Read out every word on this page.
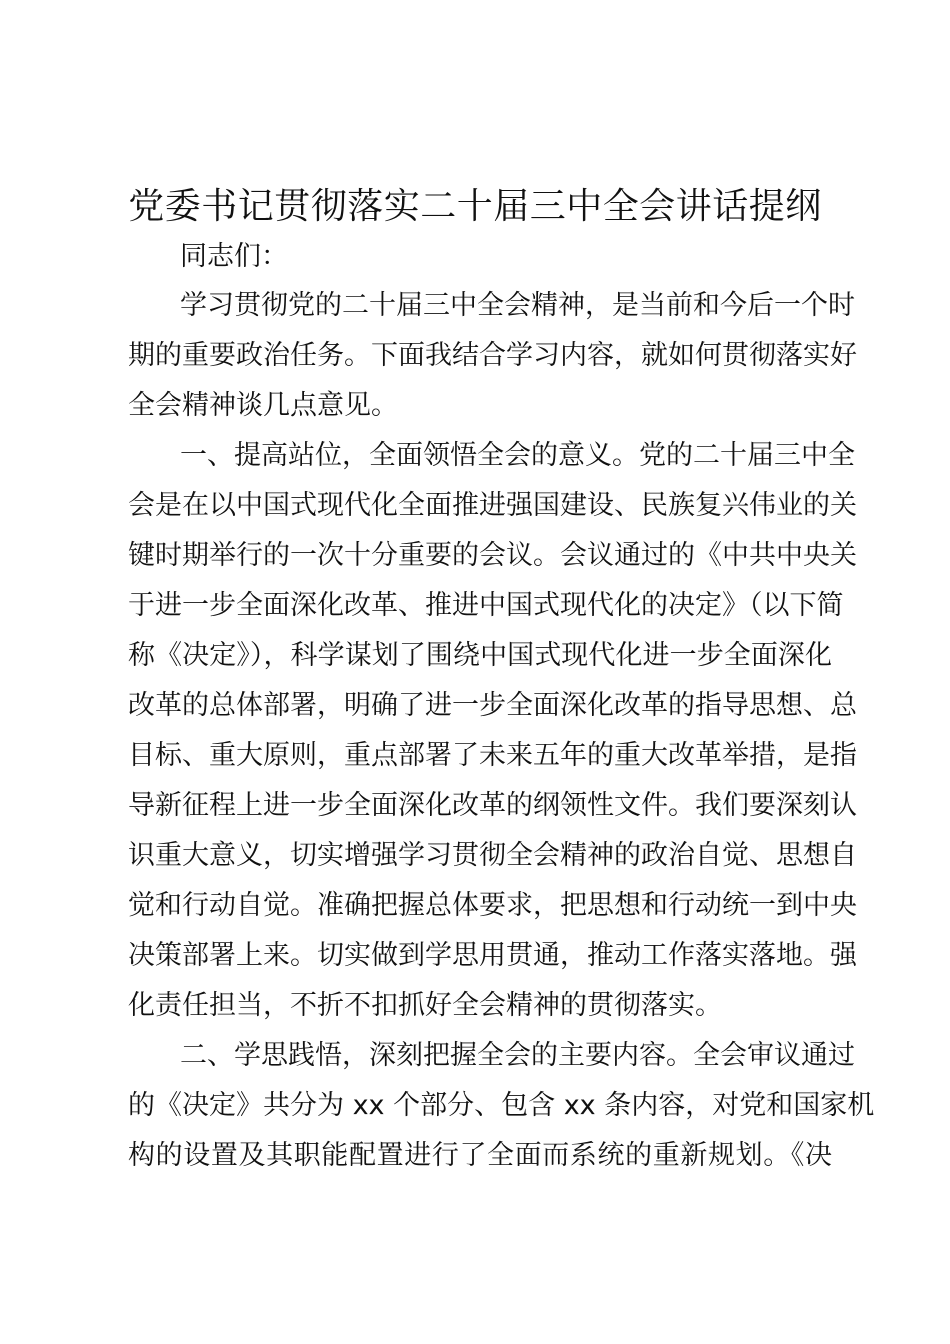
党委书记贯彻落实二十届三中全会讲话提纲
同志们：
学习贯彻党的二十届三中全会精神，是当前和今后一个时
期的重要政治任务。下面我结合学习内容，就如何贯彻落实好
全会精神谈几点意见。
一、提高站位，全面领悟全会的意义。党的二十届三中全
会是在以中国式现代化全面推进强国建设、民族复兴伟业的关
键时期举行的一次十分重要的会议。会议通过的《中共中央关
于进一步全面深化改革、推进中国式现代化的决定》（以下简
称《决定》），科学谋划了围绕中国式现代化进一步全面深化
改革的总体部署，明确了进一步全面深化改革的指导思想、总
目标、重大原则，重点部署了未来五年的重大改革举措，是指
导新征程上进一步全面深化改革的纲领性文件。我们要深刻认
识重大意义，切实增强学习贯彻全会精神的政治自觉、思想自
觉和行动自觉。准确把握总体要求，把思想和行动统一到中央
决策部署上来。切实做到学思用贯通，推动工作落实落地。强
化责任担当，不折不扣抓好全会精神的贯彻落实。
二、学思践悟，深刻把握全会的主要内容。全会审议通过
的《决定》共分为 xx 个部分、包含 xx 条内容，对党和国家机
构的设置及其职能配置进行了全面而系统的重新规划。《决
